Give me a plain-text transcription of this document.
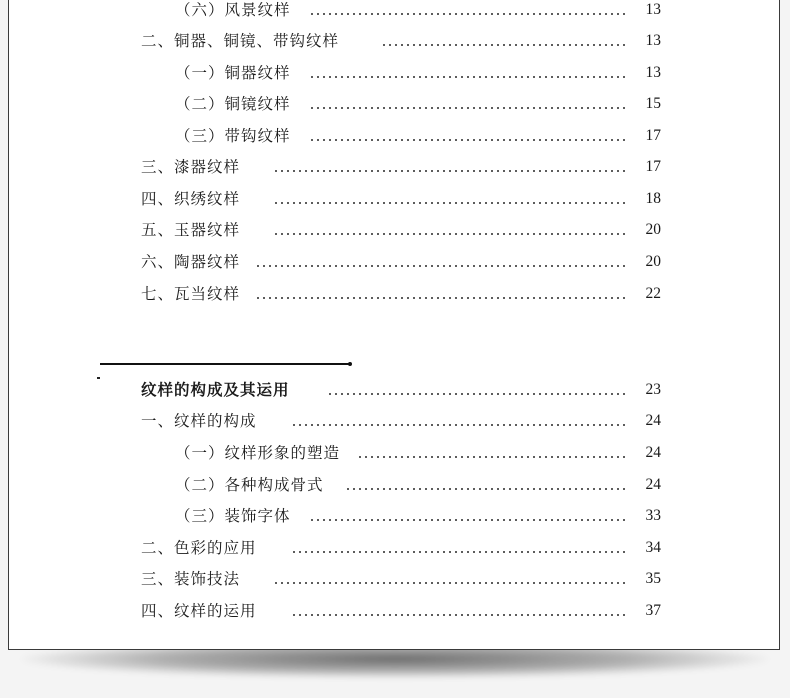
（六）风景纹样	13
二、铜器、铜镜、带钩纹样	13
（一）铜器纹样	13
（二）铜镜纹样	15
（三）带钩纹样	17
三、漆器纹样	17
四、织绣纹样	18
五、玉器纹样	20
六、陶器纹样	20
七、瓦当纹样	22
纹样的构成及其运用	23
一、纹样的构成	24
（一）纹样形象的塑造	24
（二）各种构成骨式	24
（三）装饰字体	33
二、色彩的应用	34
三、装饰技法	35
四、纹样的运用	37
